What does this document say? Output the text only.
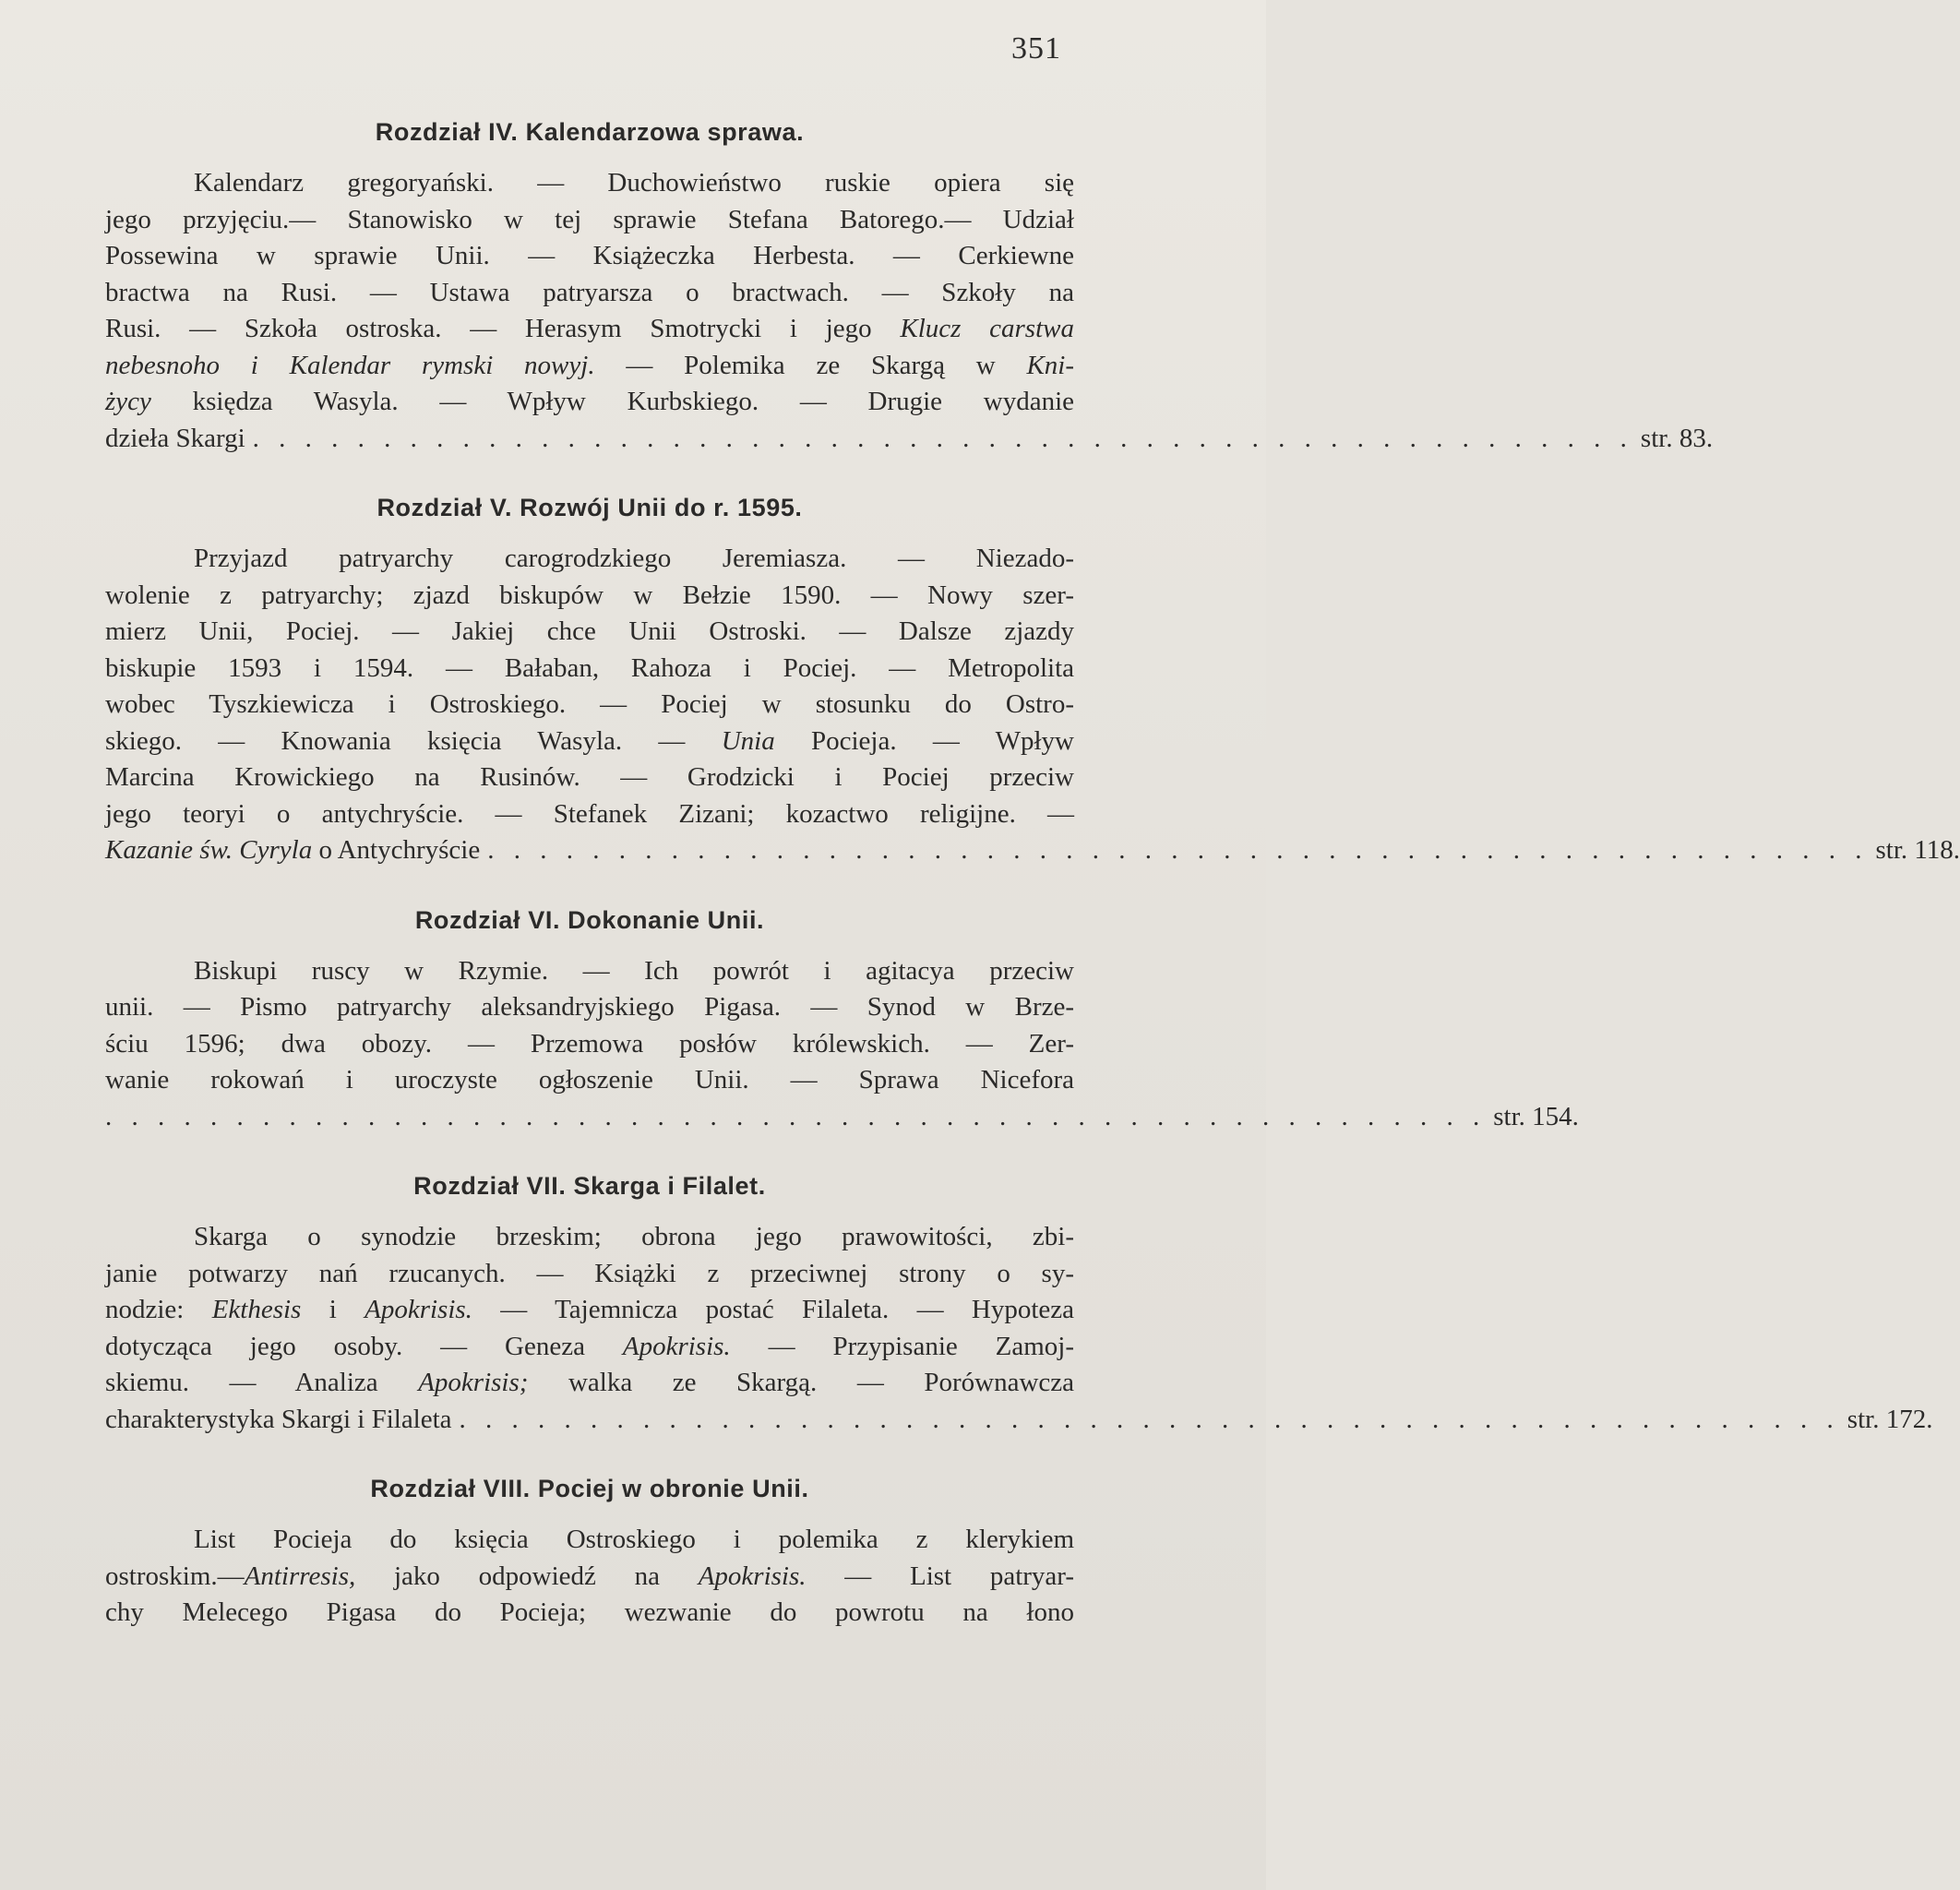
351
Rozdział IV. Kalendarzowa sprawa.
Kalendarz gregoryański. — Duchowieństwo ruskie opiera się
jego przyjęciu.— Stanowisko w tej sprawie Stefana Batorego.— Udział
Possewina w sprawie Unii. — Książeczka Herbesta. — Cerkiewne
bractwa na Rusi. — Ustawa patryarsza o bractwach. — Szkoły na
Rusi. — Szkoła ostroska. — Herasym Smotrycki i jego Klucz carstwa
nebesnoho i Kalendar rymski nowyj. — Polemika ze Skargą w Kni-
życy księdza Wasyla. — Wpływ Kurbskiego. — Drugie wydanie
dzieła Skargi . . . . . . . . . . . . . . . . . . . . . . . . . . . . . . . . . . . . . . . . . . . . . . . . . . . . . str. 83.
Rozdział V. Rozwój Unii do r. 1595.
Przyjazd patryarchy carogrodzkiego Jeremiasza. — Niezado-
wolenie z patryarchy; zjazd biskupów w Bełzie 1590. — Nowy szer-
mierz Unii, Pociej. — Jakiej chce Unii Ostroski. — Dalsze zjazdy
biskupie 1593 i 1594. — Bałaban, Rahoza i Pociej. — Metropolita
wobec Tyszkiewicza i Ostroskiego. — Pociej w stosunku do Ostro-
skiego. — Knowania księcia Wasyla. — Unia Pocieja. — Wpływ
Marcina Krowickiego na Rusinów. — Grodzicki i Pociej przeciw
jego teoryi o antychryście. — Stefanek Zizani; kozactwo religijne. —
Kazanie św. Cyryla o Antychryście . . . . . . . . . . . . . . . . . . . . . . . . . . . . . . . . . . . . . . . . . . . . . . . . . . . . . str. 118.
Rozdział VI. Dokonanie Unii.
Biskupi ruscy w Rzymie. — Ich powrót i agitacya przeciw
unii. — Pismo patryarchy aleksandryjskiego Pigasa. — Synod w Brze-
ściu 1596; dwa obozy. — Przemowa posłów królewskich. — Zer-
wanie rokowań i uroczyste ogłoszenie Unii. — Sprawa Nicefora
. . . . . . . . . . . . . . . . . . . . . . . . . . . . . . . . . . . . . . . . . . . . . . . . . . . . . str. 154.
Rozdział VII. Skarga i Filalet.
Skarga o synodzie brzeskim; obrona jego prawowitości, zbi-
janie potwarzy nań rzucanych. — Książki z przeciwnej strony o sy-
nodzie: Ekthesis i Apokrisis. — Tajemnicza postać Filaleta. — Hypoteza
dotycząca jego osoby. — Geneza Apokrisis. — Przypisanie Zamoj-
skiemu. — Analiza Apokrisis; walka ze Skargą. — Porównawcza
charakterystyka Skargi i Filaleta . . . . . . . . . . . . . . . . . . . . . . . . . . . . . . . . . . . . . . . . . . . . . . . . . . . . . str. 172.
Rozdział VIII. Pociej w obronie Unii.
List Pocieja do księcia Ostroskiego i polemika z klerykiem
ostroskim.—Antirresis, jako odpowiedź na Apokrisis. — List patryar-
chy Melecego Pigasa do Pocieja; wezwanie do powrotu na łono
